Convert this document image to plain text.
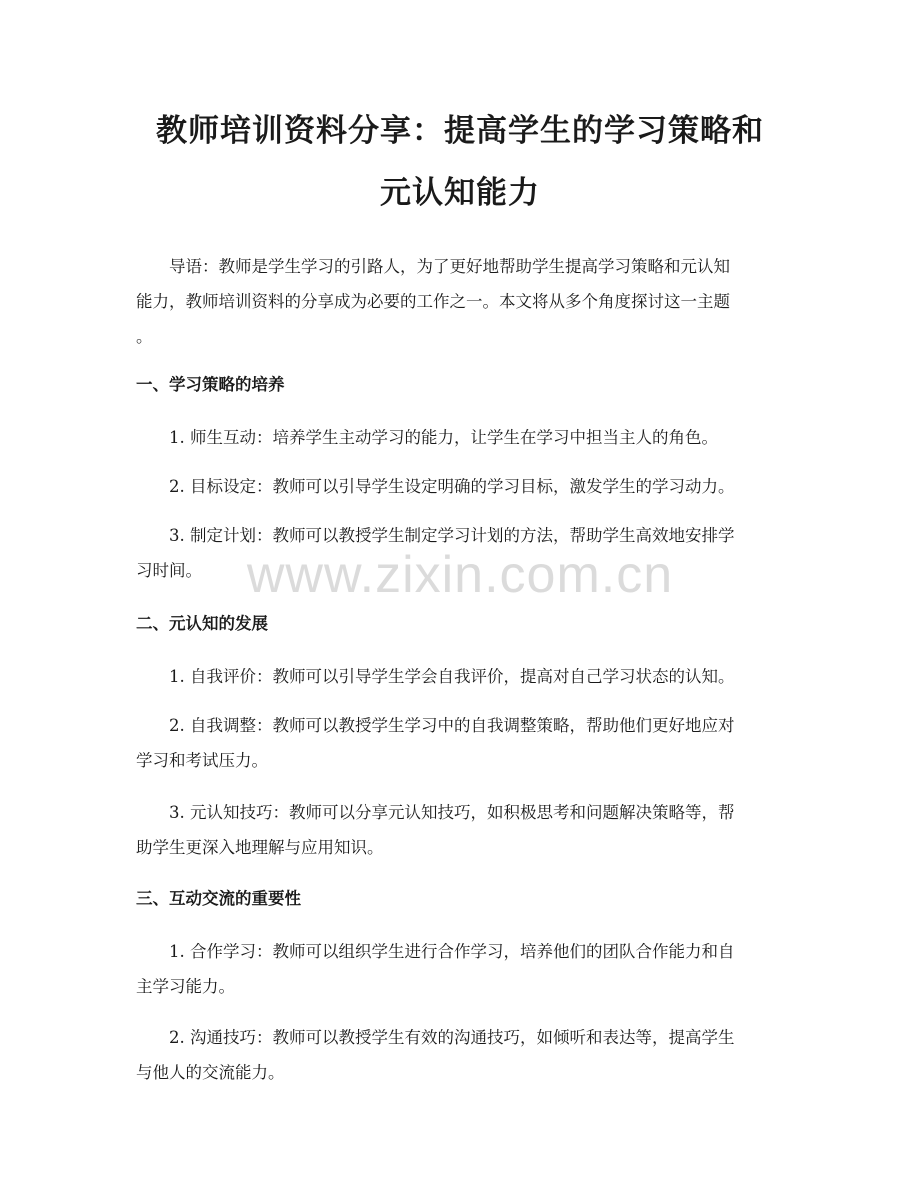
教师培训资料分享：提高学生的学习策略和
元认知能力
导语：教师是学生学习的引路人，为了更好地帮助学生提高学习策略和元认知
能力，教师培训资料的分享成为必要的工作之一。本文将从多个角度探讨这一主题
。
一、学习策略的培养
1. 师生互动：培养学生主动学习的能力，让学生在学习中担当主人的角色。
2. 目标设定：教师可以引导学生设定明确的学习目标，激发学生的学习动力。
3. 制定计划：教师可以教授学生制定学习计划的方法，帮助学生高效地安排学
习时间。
二、元认知的发展
1. 自我评价：教师可以引导学生学会自我评价，提高对自己学习状态的认知。
2. 自我调整：教师可以教授学生学习中的自我调整策略，帮助他们更好地应对
学习和考试压力。
3. 元认知技巧：教师可以分享元认知技巧，如积极思考和问题解决策略等，帮
助学生更深入地理解与应用知识。
三、互动交流的重要性
1. 合作学习：教师可以组织学生进行合作学习，培养他们的团队合作能力和自
主学习能力。
2. 沟通技巧：教师可以教授学生有效的沟通技巧，如倾听和表达等，提高学生
与他人的交流能力。
www.zixin.com.cn
